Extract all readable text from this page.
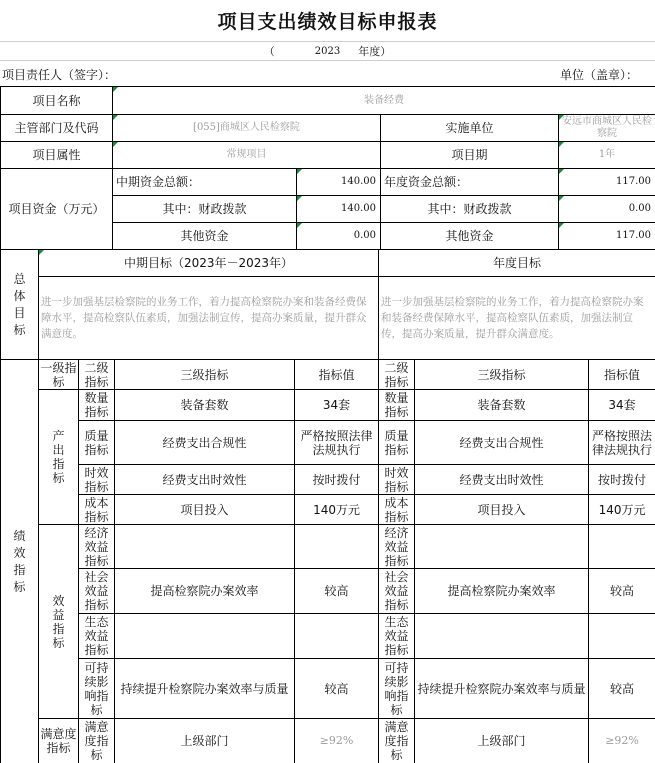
项目支出绩效目标申报表
（	2023 年度）
项目责任人（签字）：	单位（盖章）：
项目名称	装备经费			
主管部门及代码	[055]商城区人民检察院		实施单位	安远市商城区人民检察院
项目属性	常规项目		项目期	1年
项目资金（万元）	中期资金总额：	140.00	年度资金总额：	117.00
	其中：财政拨款	140.00	其中：财政拨款	0.00
	其他资金	0.00	其他资金	117.00
总体目标	中期目标（2023年－2023年）				年度目标		
	进一步加强基层检察院的业务工作，着力提高检察院办案和装备经费保障水平，提高检察队伍素质，加强法制宣传，提高办案质量，提升群众满意度。				进一步加强基层检察院的业务工作，着力提高检察院办案和装备经费保障水平，提高检察队伍素质，加强法制宣传，提高办案质量，提升群众满意度。		
绩效指标	一级指标	二级指标	三级指标	指标值	二级指标	三级指标	指标值
	产出指标	数量指标	装备套数	34套	数量指标	装备套数	34套
		质量指标	经费支出合规性	严格按照法律法规执行	质量指标	经费支出合规性	严格按照法律法规执行
		时效指标	经费支出时效性	按时拨付	时效指标	经费支出时效性	按时拨付
		成本指标	项目投入	140万元	成本指标	项目投入	140万元
	效益指标	经济效益指标			经济效益指标		
		社会效益指标	提高检察院办案效率	较高	社会效益指标	提高检察院办案效率	较高
		生态效益指标			生态效益指标		
		可持续影响指标	持续提升检察院办案效率与质量	较高	可持续影响指标	持续提升检察院办案效率与质量	较高
	满意度指标	满意度指标	上级部门	≥92%	满意度指标	上级部门	≥92%
